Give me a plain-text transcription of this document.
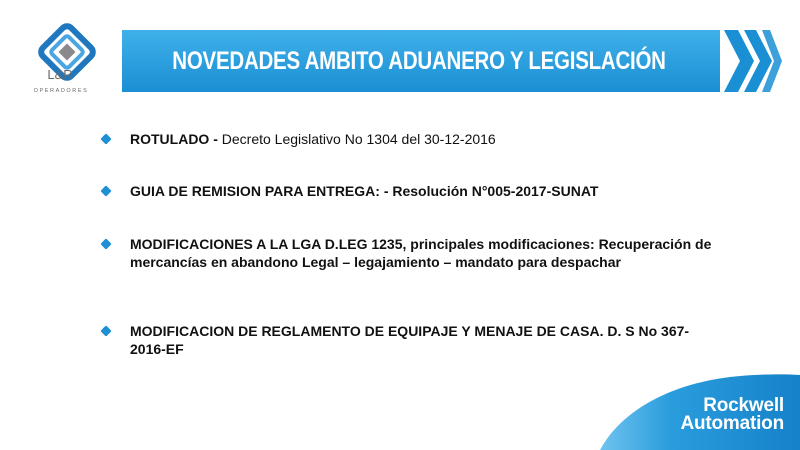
L&R
OPERADORES
NOVEDADES AMBITO ADUANERO Y LEGISLACIÓN
ROTULADO - Decreto Legislativo No 1304 del 30-12-2016
GUIA DE REMISION PARA ENTREGA: - Resolución N°005-2017-SUNAT
MODIFICACIONES A LA LGA D.LEG 1235, principales modificaciones: Recuperación de mercancías en abandono Legal – legajamiento – mandato para despachar
MODIFICACION DE REGLAMENTO DE EQUIPAJE Y MENAJE DE CASA. D. S No 367-2016-EF
Rockwell
Automation
